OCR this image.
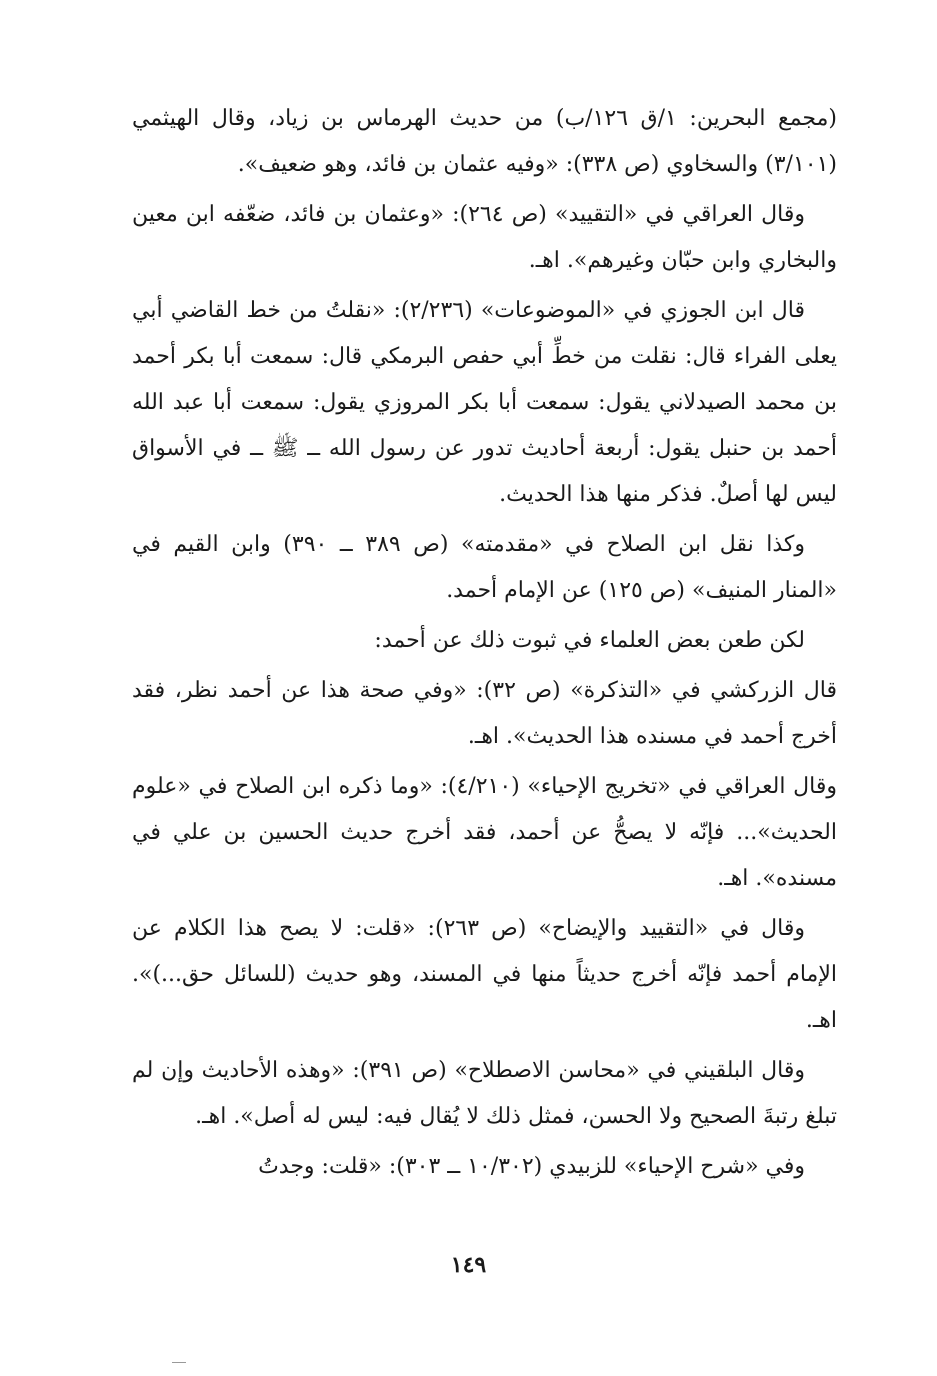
(مجمع البحرين: ١/ق ١٢٦/ب) من حديث الهرماس بن زياد، وقال الهيثمي (٣/١٠١) والسخاوي (ص ٣٣٨): «وفيه عثمان بن فائد، وهو ضعيف».

وقال العراقي في «التقييد» (ص ٢٦٤): «وعثمان بن فائد، ضعّفه ابن معين والبخاري وابن حبّان وغيرهم». اهـ.

قال ابن الجوزي في «الموضوعات» (٢/٢٣٦): «نقلتُ من خط القاضي أبي يعلى الفراء قال: نقلت من خطِّ أبي حفص البرمكي قال: سمعت أبا بكر أحمد بن محمد الصيدلاني يقول: سمعت أبا بكر المروزي يقول: سمعت أبا عبد الله أحمد بن حنبل يقول: أربعة أحاديث تدور عن رسول الله ــ ﷺ ــ في الأسواق ليس لها أصلٌ. فذكر منها هذا الحديث.

وكذا نقل ابن الصلاح في «مقدمته» (ص ٣٨٩ ــ ٣٩٠) وابن القيم في «المنار المنيف» (ص ١٢٥) عن الإمام أحمد.

لكن طعن بعض العلماء في ثبوت ذلك عن أحمد:

قال الزركشي في «التذكرة» (ص ٣٢): «وفي صحة هذا عن أحمد نظر، فقد أخرج أحمد في مسنده هذا الحديث». اهـ.

وقال العراقي في «تخريج الإحياء» (٤/٢١٠): «وما ذكره ابن الصلاح في «علوم الحديث»... فإنّه لا يصحُّ عن أحمد، فقد أخرج حديث الحسين بن علي في مسنده». اهـ.

وقال في «التقييد والإيضاح» (ص ٢٦٣): «قلت: لا يصح هذا الكلام عن الإمام أحمد فإنّه أخرج حديثاً منها في المسند، وهو حديث (للسائل حق...)». اهـ.

وقال البلقيني في «محاسن الاصطلاح» (ص ٣٩١): «وهذه الأحاديث وإن لم تبلغ رتبةَ الصحيح ولا الحسن، فمثل ذلك لا يُقال فيه: ليس له أصل». اهـ.

وفي «شرح الإحياء» للزبيدي (١٠/٣٠٢ ــ ٣٠٣): «قلت: وجدتُ

١٤٩
